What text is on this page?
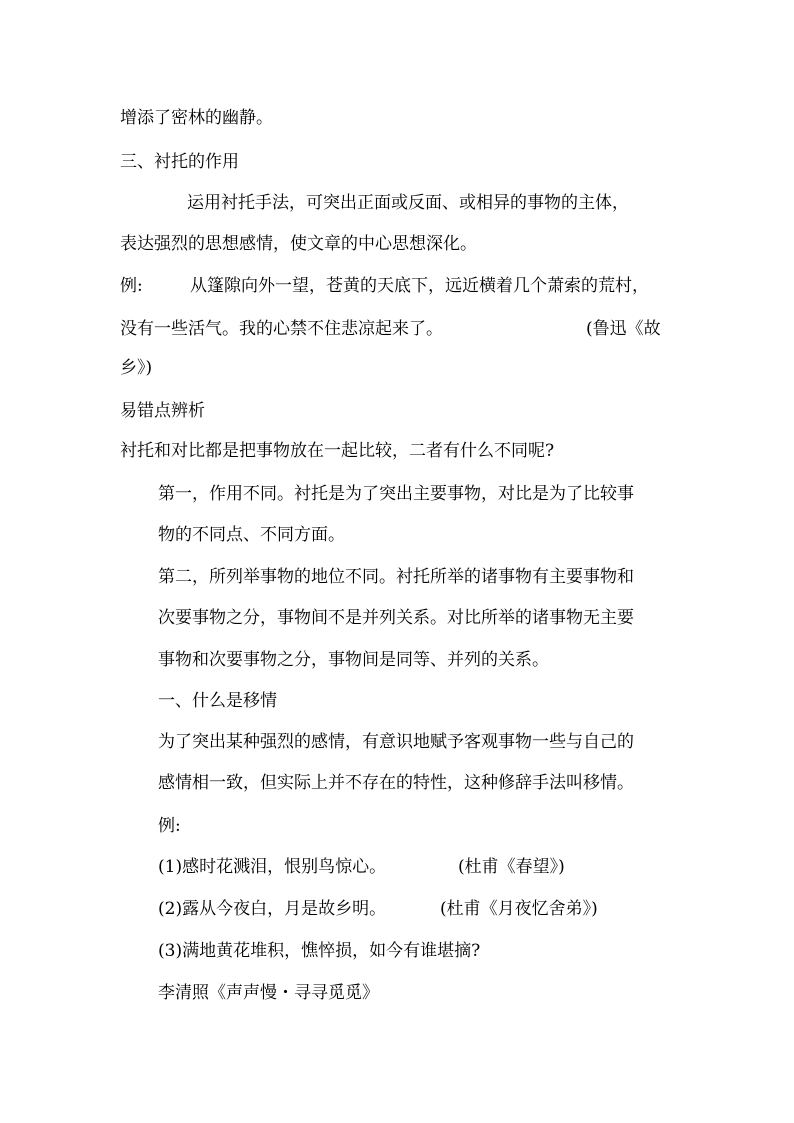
增添了密林的幽静。
三、衬托的作用
运用衬托手法，可突出正面或反面、或相异的事物的主体，
表达强烈的思想感情，使文章的中心思想深化。
例:	从篷隙向外一望，苍黄的天底下，远近横着几个萧索的荒村，
没有一些活气。我的心禁不住悲凉起来了。	(鲁迅《故
乡》)
易错点辨析
衬托和对比都是把事物放在一起比较，二者有什么不同呢?
第一，作用不同。衬托是为了突出主要事物，对比是为了比较事
物的不同点、不同方面。
第二，所列举事物的地位不同。衬托所举的诸事物有主要事物和
次要事物之分，事物间不是并列关系。对比所举的诸事物无主要
事物和次要事物之分，事物间是同等、并列的关系。
一、什么是移情
为了突出某种强烈的感情，有意识地赋予客观事物一些与自己的
感情相一致，但实际上并不存在的特性，这种修辞手法叫移情。
例:
(1)感时花溅泪，恨别鸟惊心。	(杜甫《春望》)
(2)露从今夜白，月是故乡明。	(杜甫《月夜忆舍弟》)
(3)满地黄花堆积，憔悴损，如今有谁堪摘?
李清照《声声慢・寻寻觅觅》
